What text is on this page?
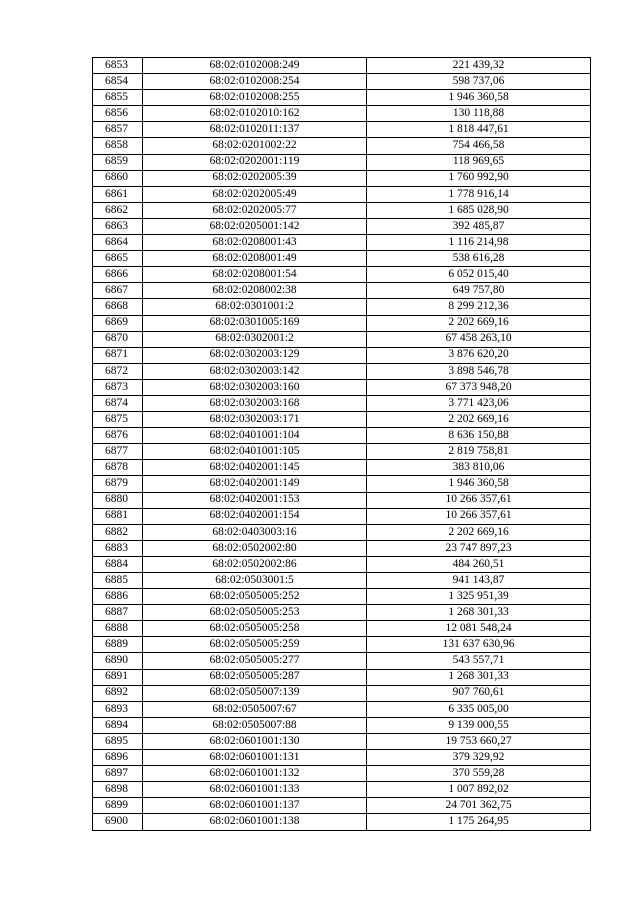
6853	68:02:0102008:249	221 439,32
6854	68:02:0102008:254	598 737,06
6855	68:02:0102008:255	1 946 360,58
6856	68:02:0102010:162	130 118,88
6857	68:02:0102011:137	1 818 447,61
6858	68:02:0201002:22	754 466,58
6859	68:02:0202001:119	118 969,65
6860	68:02:0202005:39	1 760 992,90
6861	68:02:0202005:49	1 778 916,14
6862	68:02:0202005:77	1 685 028,90
6863	68:02:0205001:142	392 485,87
6864	68:02:0208001:43	1 116 214,98
6865	68:02:0208001:49	538 616,28
6866	68:02:0208001:54	6 052 015,40
6867	68:02:0208002:38	649 757,80
6868	68:02:0301001:2	8 299 212,36
6869	68:02:0301005:169	2 202 669,16
6870	68:02:0302001:2	67 458 263,10
6871	68:02:0302003:129	3 876 620,20
6872	68:02:0302003:142	3 898 546,78
6873	68:02:0302003:160	67 373 948,20
6874	68:02:0302003:168	3 771 423,06
6875	68:02:0302003:171	2 202 669,16
6876	68:02:0401001:104	8 636 150,88
6877	68:02:0401001:105	2 819 758,81
6878	68:02:0402001:145	383 810,06
6879	68:02:0402001:149	1 946 360,58
6880	68:02:0402001:153	10 266 357,61
6881	68:02:0402001:154	10 266 357,61
6882	68:02:0403003:16	2 202 669,16
6883	68:02:0502002:80	23 747 897,23
6884	68:02:0502002:86	484 260,51
6885	68:02:0503001:5	941 143,87
6886	68:02:0505005:252	1 325 951,39
6887	68:02:0505005:253	1 268 301,33
6888	68:02:0505005:258	12 081 548,24
6889	68:02:0505005:259	131 637 630,96
6890	68:02:0505005:277	543 557,71
6891	68:02:0505005:287	1 268 301,33
6892	68:02:0505007:139	907 760,61
6893	68:02:0505007:67	6 335 005,00
6894	68:02:0505007:88	9 139 000,55
6895	68:02:0601001:130	19 753 660,27
6896	68:02:0601001:131	379 329,92
6897	68:02:0601001:132	370 559,28
6898	68:02:0601001:133	1 007 892,02
6899	68:02:0601001:137	24 701 362,75
6900	68:02:0601001:138	1 175 264,95
